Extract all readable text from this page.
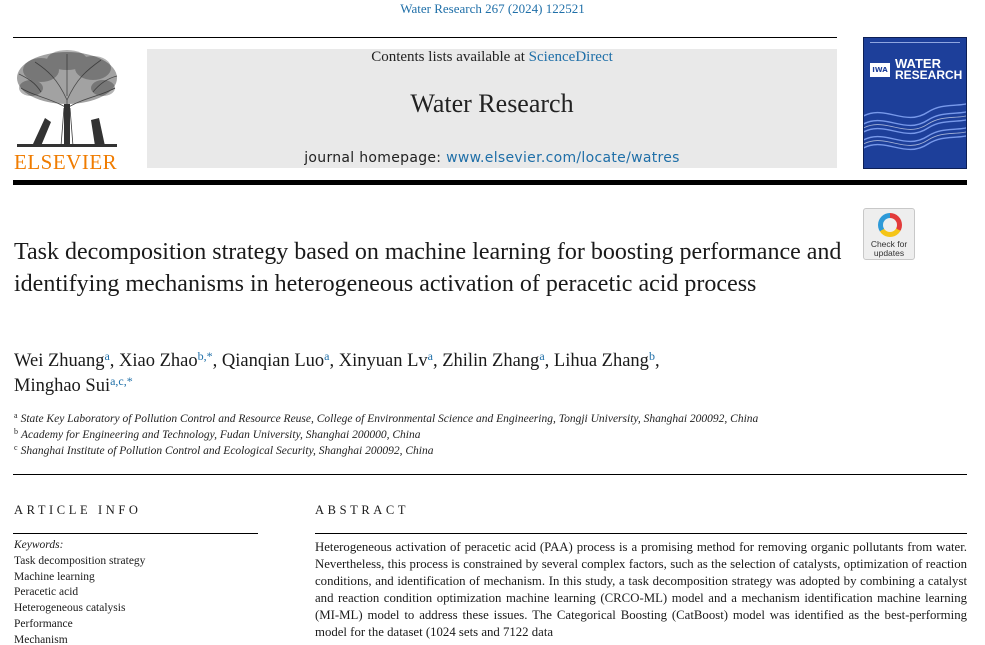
Water Research 267 (2024) 122521
ELSEVIER
Contents lists available at ScienceDirect
Water Research
journal homepage: www.elsevier.com/locate/watres
IWA WATER
RESEARCH
Check for
updates
Task decomposition strategy based on machine learning for boosting performance and identifying mechanisms in heterogeneous activation of peracetic acid process
Wei Zhuang$^a$, Xiao Zhao$^{b,*}$, Qianqian Luo$^a$, Xinyuan Lv$^a$, Zhilin Zhang$^a$, Lihua Zhang$^b$,
Minghao Sui$^{a,c,*}$
$^a$ State Key Laboratory of Pollution Control and Resource Reuse, College of Environmental Science and Engineering, Tongji University, Shanghai 200092, China
$^b$ Academy for Engineering and Technology, Fudan University, Shanghai 200000, China
$^c$ Shanghai Institute of Pollution Control and Ecological Security, Shanghai 200092, China
ARTICLE INFO	ABSTRACT
Keywords:
Task decomposition strategy
Machine learning
Peracetic acid
Heterogeneous catalysis
Performance
Mechanism
Heterogeneous activation of peracetic acid (PAA) process is a promising method for removing organic pollutants from water. Nevertheless, this process is constrained by several complex factors, such as the selection of catalysts, optimization of reaction conditions, and identification of mechanism. In this study, a task decomposition strategy was adopted by combining a catalyst and reaction condition optimization machine learning (CRCO-ML) model and a mechanism identification machine learning (MI-ML) model to address these issues. The Categorical Boosting (CatBoost) model was identified as the best-performing model for the dataset (1024 sets and 7122 data
